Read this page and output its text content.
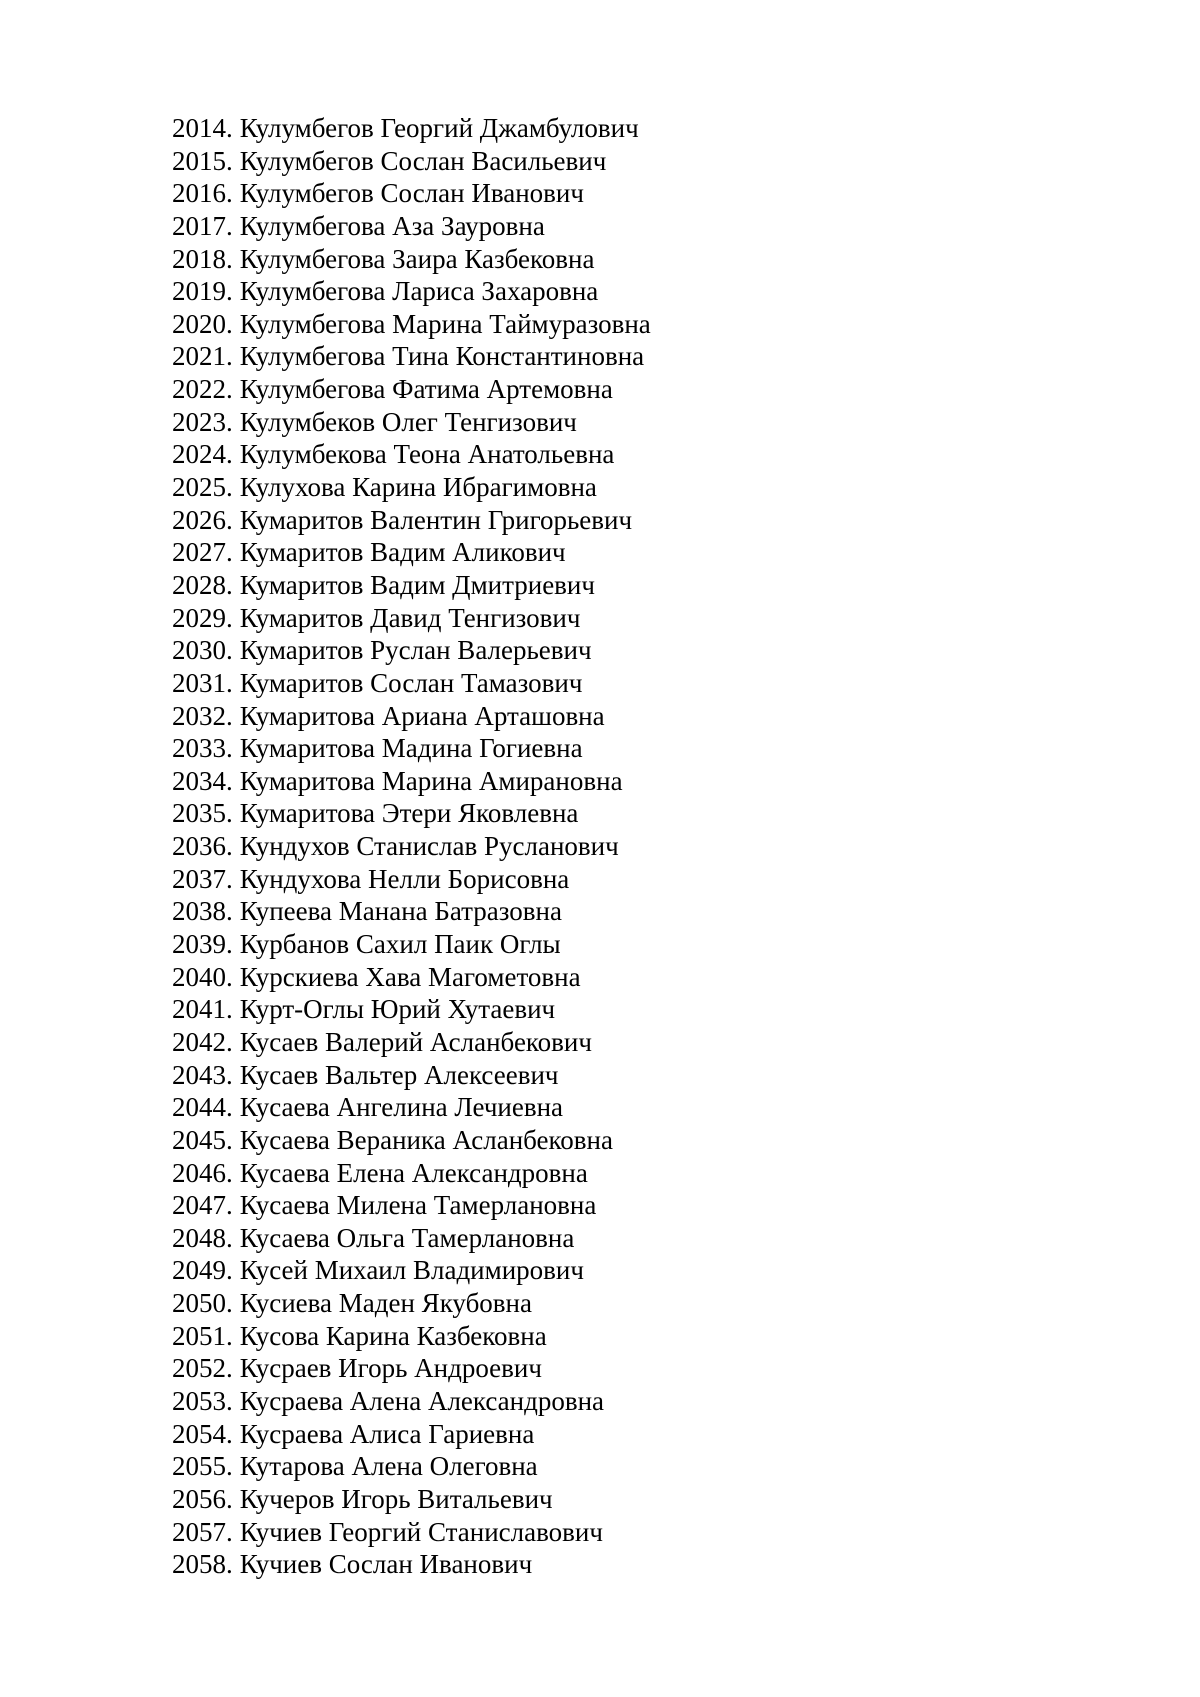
2014. Кулумбегов Георгий Джамбулович
2015. Кулумбегов Сослан Васильевич
2016. Кулумбегов Сослан Иванович
2017. Кулумбегова Аза Зауровна
2018. Кулумбегова Заира Казбековна
2019. Кулумбегова Лариса Захаровна
2020. Кулумбегова Марина Таймуразовна
2021. Кулумбегова Тина Константиновна
2022. Кулумбегова Фатима Артемовна
2023. Кулумбеков Олег Тенгизович
2024. Кулумбекова Теона Анатольевна
2025. Кулухова Карина Ибрагимовна
2026. Кумаритов Валентин Григорьевич
2027. Кумаритов Вадим Аликович
2028. Кумаритов Вадим Дмитриевич
2029. Кумаритов Давид Тенгизович
2030. Кумаритов Руслан Валерьевич
2031. Кумаритов Сослан Тамазович
2032. Кумаритова Ариана Арташовна
2033. Кумаритова Мадина Гогиевна
2034. Кумаритова Марина Амирановна
2035. Кумаритова Этери Яковлевна
2036. Кундухов Станислав Русланович
2037. Кундухова Нелли Борисовна
2038. Купеева Манана Батразовна
2039. Курбанов Сахил Паик Оглы
2040. Курскиева Хава Магометовна
2041. Курт-Оглы Юрий Хутаевич
2042. Кусаев Валерий Асланбекович
2043. Кусаев Вальтер Алексеевич
2044. Кусаева Ангелина Лечиевна
2045. Кусаева Вераника Асланбековна
2046. Кусаева Елена Александровна
2047. Кусаева Милена Тамерлановна
2048. Кусаева Ольга Тамерлановна
2049. Кусей Михаил Владимирович
2050. Кусиева Маден Якубовна
2051. Кусова Карина Казбековна
2052. Кусраев Игорь Андроевич
2053. Кусраева Алена Александровна
2054. Кусраева Алиса Гариевна
2055. Кутарова Алена Олеговна
2056. Кучеров Игорь Витальевич
2057. Кучиев Георгий Станиславович
2058. Кучиев Сослан Иванович
